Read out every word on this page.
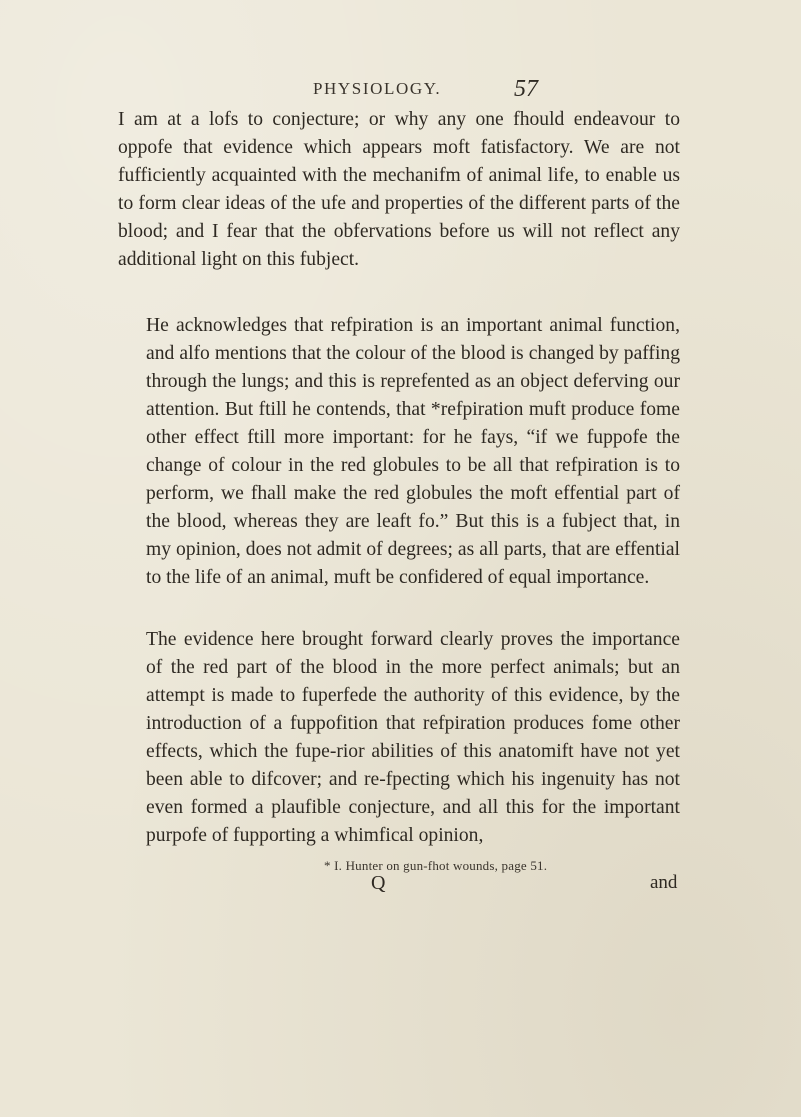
PHYSIOLOGY.	57

I am at a lofs to conjecture; or why any one fhould endeavour to oppofe that evidence which appears moft fatisfactory. We are not fufficiently acquainted with the mechanifm of animal life, to enable us to form clear ideas of the ufe and properties of the different parts of the blood; and I fear that the obfervations before us will not reflect any additional light on this fubject.

He acknowledges that refpiration is an important animal function, and alfo mentions that the colour of the blood is changed by paffing through the lungs; and this is reprefented as an object deferving our attention. But ftill he contends, that *refpiration muft produce fome other effect ftill more important: for he fays, “if we fuppofe the change of colour in the red globules to be all that refpiration is to perform, we fhall make the red globules the moft effential part of the blood, whereas they are leaft fo.” But this is a fubject that, in my opinion, does not admit of degrees; as all parts, that are effential to the life of an animal, muft be confidered of equal importance.

The evidence here brought forward clearly proves the importance of the red part of the blood in the more perfect animals; but an attempt is made to fuperfede the authority of this evidence, by the introduction of a fuppofition that refpiration produces fome other effects, which the fupe-rior abilities of this anatomift have not yet been able to difcover; and re-fpecting which his ingenuity has not even formed a plaufible conjecture, and all this for the important purpofe of fupporting a whimfical opinion,

* I. Hunter on gun-fhot wounds, page 51.
Q	and
